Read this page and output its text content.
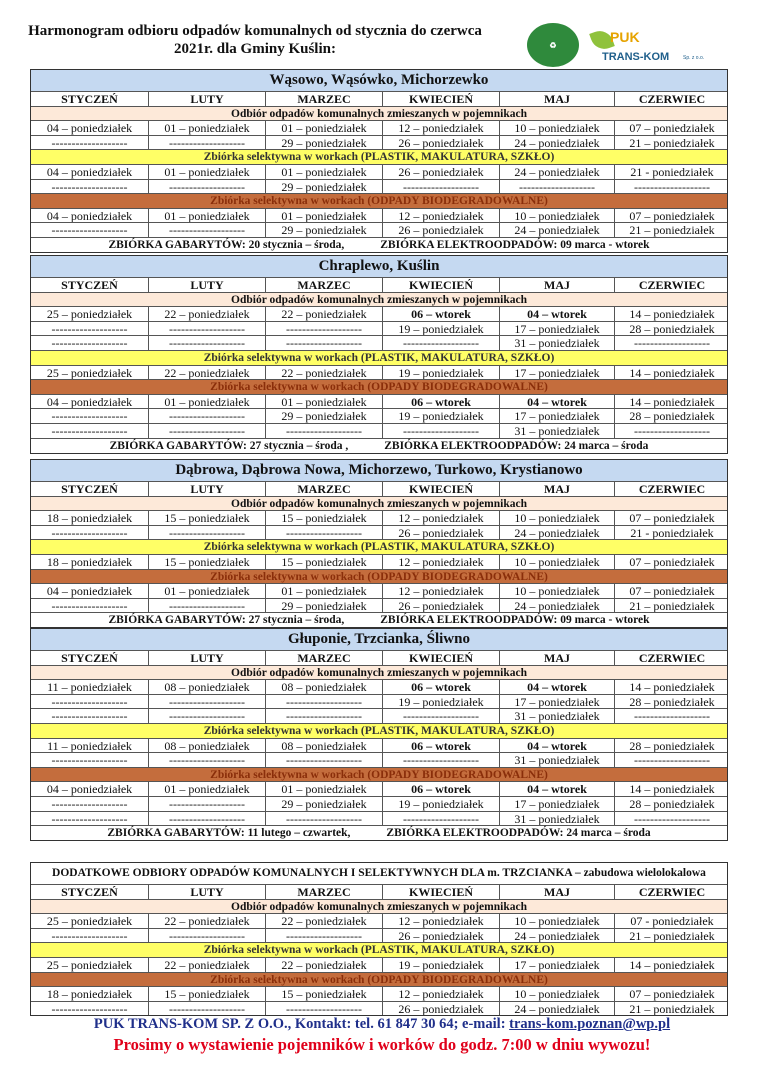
Harmonogram odbioru odpadów komunalnych od stycznia do czerwca
2021r. dla Gminy Kuślin:	♻	PUK
TRANS-KOM	Sp. z o.o.
Wąsowo, Wąsówko, Michorzewko
STYCZEŃ	LUTY	MARZEC	KWIECIEŃ	MAJ	CZERWIEC
Odbiór odpadów komunalnych zmieszanych w pojemnikach
04 – poniedziałek	01 – poniedziałek	01 – poniedziałek	12 – poniedziałek	10 – poniedziałek	07 – poniedziałek
-------------------	-------------------	29 – poniedziałek	26 – poniedziałek	24 – poniedziałek	21 – poniedziałek
Zbiórka selektywna w workach (PLASTIK, MAKULATURA, SZKŁO)
04 – poniedziałek	01 – poniedziałek	01 – poniedziałek	26 – poniedziałek	24 – poniedziałek	21 - poniedziałek
-------------------	-------------------	29 – poniedziałek	-------------------	-------------------	-------------------
Zbiórka selektywna w workach (ODPADY BIODEGRADOWALNE)
04 – poniedziałek	01 – poniedziałek	01 – poniedziałek	12 – poniedziałek	10 – poniedziałek	07 – poniedziałek
-------------------	-------------------	29 – poniedziałek	26 – poniedziałek	24 – poniedziałek	21 – poniedziałek
ZBIÓRKA GABARYTÓW: 20 stycznia – środa,	ZBIÓRKA ELEKTROODPADÓW: 09 marca - wtorek
Chraplewo, Kuślin
STYCZEŃ	LUTY	MARZEC	KWIECIEŃ	MAJ	CZERWIEC
Odbiór odpadów komunalnych zmieszanych w pojemnikach
25 – poniedziałek	22 – poniedziałek	22 – poniedziałek	06 – wtorek	04 – wtorek	14 – poniedziałek
-------------------	-------------------	-------------------	19 – poniedziałek	17 – poniedziałek	28 – poniedziałek
-------------------	-------------------	-------------------	-------------------	31 – poniedziałek	-------------------
Zbiórka selektywna w workach (PLASTIK, MAKULATURA, SZKŁO)
25 – poniedziałek	22 – poniedziałek	22 – poniedziałek	19 – poniedziałek	17 – poniedziałek	14 – poniedziałek
Zbiórka selektywna w workach (ODPADY BIODEGRADOWALNE)
04 – poniedziałek	01 – poniedziałek	01 – poniedziałek	06 – wtorek	04 – wtorek	14 – poniedziałek
-------------------	-------------------	29 – poniedziałek	19 – poniedziałek	17 – poniedziałek	28 – poniedziałek
-------------------	-------------------	-------------------	-------------------	31 – poniedziałek	-------------------
ZBIÓRKA GABARYTÓW: 27 stycznia – środa ,	ZBIÓRKA ELEKTROODPADÓW: 24 marca – środa
Dąbrowa, Dąbrowa Nowa, Michorzewo, Turkowo, Krystianowo
STYCZEŃ	LUTY	MARZEC	KWIECIEŃ	MAJ	CZERWIEC
Odbiór odpadów komunalnych zmieszanych w pojemnikach
18 – poniedziałek	15 – poniedziałek	15 – poniedziałek	12 – poniedziałek	10 – poniedziałek	07 – poniedziałek
-------------------	-------------------	-------------------	26 – poniedziałek	24 – poniedziałek	21 - poniedziałek
Zbiórka selektywna w workach (PLASTIK, MAKULATURA, SZKŁO)
18 – poniedziałek	15 – poniedziałek	15 – poniedziałek	12 – poniedziałek	10 – poniedziałek	07 – poniedziałek
Zbiórka selektywna w workach (ODPADY BIODEGRADOWALNE)
04 – poniedziałek	01 – poniedziałek	01 – poniedziałek	12 – poniedziałek	10 – poniedziałek	07 – poniedziałek
-------------------	-------------------	29 – poniedziałek	26 – poniedziałek	24 – poniedziałek	21 – poniedziałek
ZBIÓRKA GABARYTÓW: 27 stycznia – środa,	ZBIÓRKA ELEKTROODPADÓW: 09 marca - wtorek
Głuponie, Trzcianka, Śliwno
STYCZEŃ	LUTY	MARZEC	KWIECIEŃ	MAJ	CZERWIEC
Odbiór odpadów komunalnych zmieszanych w pojemnikach
11 – poniedziałek	08 – poniedziałek	08 – poniedziałek	06 – wtorek	04 – wtorek	14 – poniedziałek
-------------------	-------------------	-------------------	19 – poniedziałek	17 – poniedziałek	28 – poniedziałek
-------------------	-------------------	-------------------	-------------------	31 – poniedziałek	-------------------
Zbiórka selektywna w workach (PLASTIK, MAKULATURA, SZKŁO)
11 – poniedziałek	08 – poniedziałek	08 – poniedziałek	06 – wtorek	04 – wtorek	28 – poniedziałek
-------------------	-------------------	-------------------	-------------------	31 – poniedziałek	-------------------
Zbiórka selektywna w workach (ODPADY BIODEGRADOWALNE)
04 – poniedziałek	01 – poniedziałek	01 – poniedziałek	06 – wtorek	04 – wtorek	14 – poniedziałek
-------------------	-------------------	29 – poniedziałek	19 – poniedziałek	17 – poniedziałek	28 – poniedziałek
-------------------	-------------------	-------------------	-------------------	31 – poniedziałek	-------------------
ZBIÓRKA GABARYTÓW: 11 lutego – czwartek,	ZBIÓRKA ELEKTROODPADÓW: 24 marca – środa
DODATKOWE ODBIORY ODPADÓW KOMUNALNYCH I SELEKTYWNYCH DLA m. TRZCIANKA – zabudowa wielolokalowa
STYCZEŃ	LUTY	MARZEC	KWIECIEŃ	MAJ	CZERWIEC
Odbiór odpadów komunalnych zmieszanych w pojemnikach
25 – poniedziałek	22 – poniedziałek	22 – poniedziałek	12 – poniedziałek	10 – poniedziałek	07 - poniedziałek
-------------------	-------------------	-------------------	26 – poniedziałek	24 – poniedziałek	21 – poniedziałek
Zbiórka selektywna w workach (PLASTIK, MAKULATURA, SZKŁO)
25 – poniedziałek	22 – poniedziałek	22 – poniedziałek	19 – poniedziałek	17 – poniedziałek	14 – poniedziałek
Zbiórka selektywna w workach (ODPADY BIODEGRADOWALNE)
18 – poniedziałek	15 – poniedziałek	15 – poniedziałek	12 – poniedziałek	10 – poniedziałek	07 – poniedziałek
-------------------	-------------------	-------------------	26 – poniedziałek	24 – poniedziałek	21 – poniedziałek
PUK TRANS-KOM SP. Z O.O., Kontakt: tel. 61 847 30 64; e-mail: trans-kom.poznan@wp.pl
Prosimy o wystawienie pojemników i worków do godz. 7:00 w dniu wywozu!
